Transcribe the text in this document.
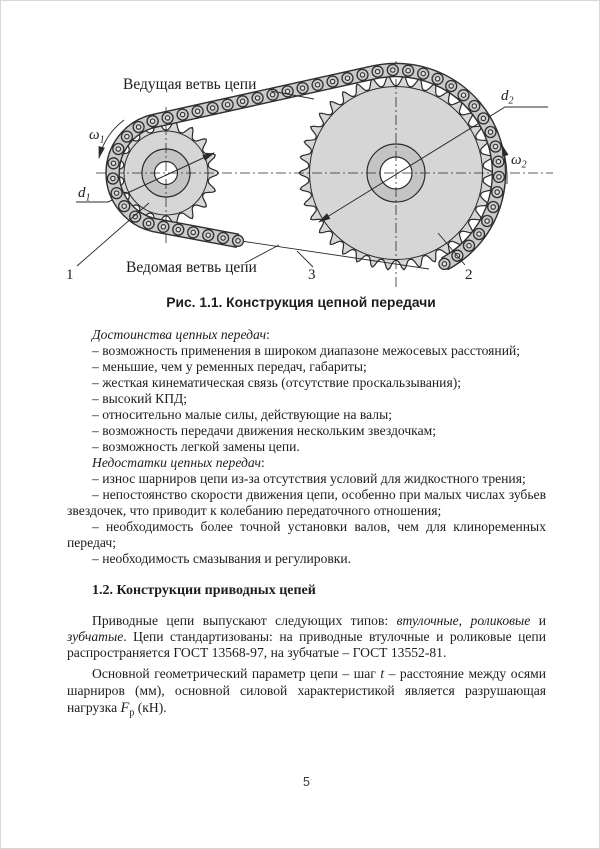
Ведущая ветвь цепи
Ведомая ветвь цепи
$\omega_1$
$\omega_2$
$d_1$
$d_2$
1	2
3
Рис. 1.1. Конструкция цепной передачи

Достоинства цепных передач:

– возможность применения в широком диапазоне межосевых расстояний;

– меньшие, чем у ременных передач, габариты;

– жесткая кинематическая связь (отсутствие проскальзывания);

– высокий КПД;

– относительно малые силы, действующие на валы;

– возможность передачи движения нескольким звездочкам;

– возможность легкой замены цепи.

Недостатки цепных передач:

– износ шарниров цепи из-за отсутствия условий для жидкостного трения;

– непостоянство скорости движения цепи, особенно при малых числах зубьев звездочек, что приводит к колебанию передаточного отношения;

– необходимость более точной установки валов, чем для клиноременных передач;

– необходимость смазывания и регулировки.

1.2. Конструкции приводных цепей

Приводные цепи выпускают следующих типов: втулочные, роликовые и зубчатые. Цепи стандартизованы: на приводные втулочные и роликовые цепи распространяется ГОСТ 13568-97, на зубчатые – ГОСТ 13552-81.

Основной геометрический параметр цепи – шаг t – расстояние между осями шарниров (мм), основной силовой характеристикой является разрушающая нагрузка $F_р$ (кН).

5
